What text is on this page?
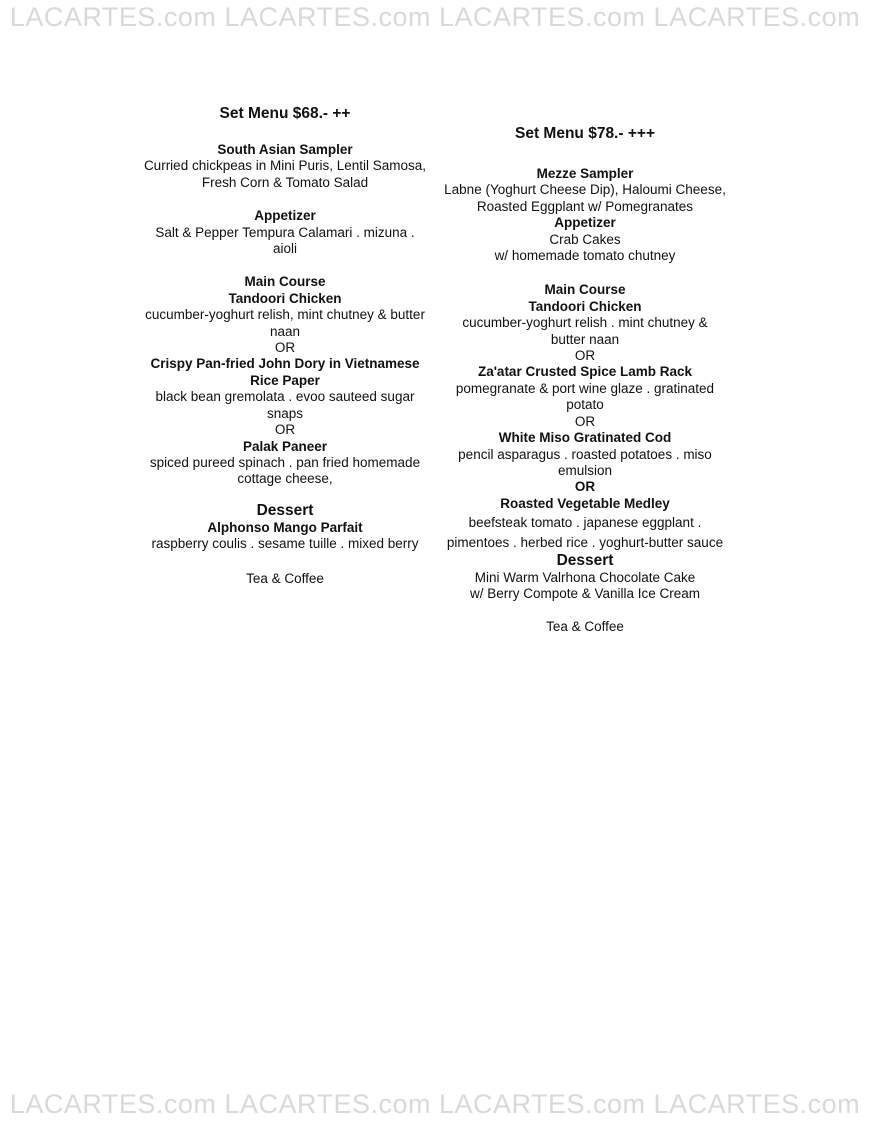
LACARTES.com LACARTES.com LACARTES.com LACARTES.com
Set Menu $68.- ++
South Asian Sampler
Curried chickpeas in Mini Puris, Lentil Samosa,
Fresh Corn & Tomato Salad
Appetizer
Salt & Pepper Tempura Calamari . mizuna .
aioli
Main Course
Tandoori Chicken
cucumber-yoghurt relish, mint chutney & butter
naan
OR
Crispy Pan-fried John Dory in Vietnamese
Rice Paper
black bean gremolata . evoo sauteed sugar
snaps
OR
Palak Paneer
spiced pureed spinach . pan fried homemade
cottage cheese,
Dessert
Alphonso Mango Parfait
raspberry coulis . sesame tuille . mixed berry
Tea & Coffee
Set Menu $78.- +++
Mezze Sampler
Labne (Yoghurt Cheese Dip), Haloumi Cheese,
Roasted Eggplant w/ Pomegranates
Appetizer
Crab Cakes
w/ homemade tomato chutney
Main Course
Tandoori Chicken
cucumber-yoghurt relish . mint chutney &
butter naan
OR
Za'atar Crusted Spice Lamb Rack
pomegranate & port wine glaze . gratinated
potato
OR
White Miso Gratinated Cod
pencil asparagus . roasted potatoes . miso
emulsion
OR
Roasted Vegetable Medley
beefsteak tomato . japanese eggplant .
pimentoes . herbed rice . yoghurt-butter sauce
Dessert
Mini Warm Valrhona Chocolate Cake
w/ Berry Compote & Vanilla Ice Cream
Tea & Coffee
LACARTES.com LACARTES.com LACARTES.com LACARTES.com
